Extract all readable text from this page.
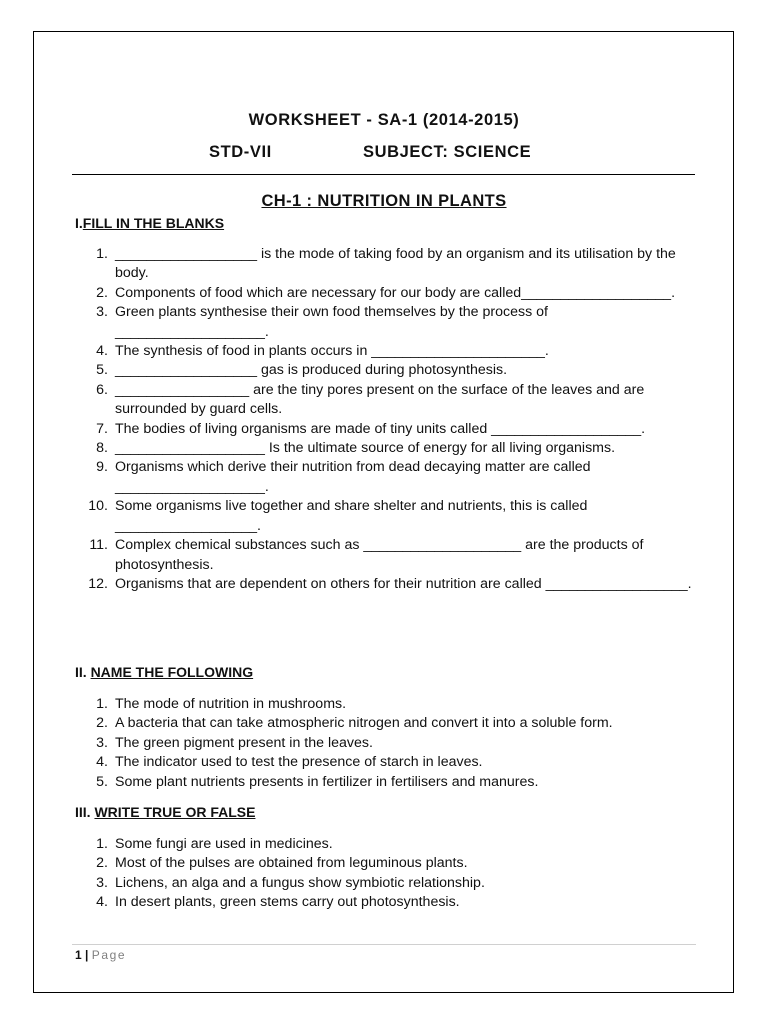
WORKSHEET - SA-1 (2014-2015)
STD-VII	SUBJECT: SCIENCE
CH-1 : NUTRITION IN PLANTS
I.FILL IN THE BLANKS
1. __________________ is the mode of taking food by an organism and its utilisation by the body.
2. Components of food which are necessary for our body are called___________________.
3. Green plants synthesise their own food themselves by the process of ___________________.
4. The synthesis of food in plants occurs in ______________________.
5. __________________ gas is produced during photosynthesis.
6. _________________ are the tiny pores present on the surface of the leaves and are surrounded by guard cells.
7. The bodies of living organisms are made of tiny units called ___________________.
8. ___________________ Is the ultimate source of energy for all living organisms.
9. Organisms which derive their nutrition from dead decaying matter are called ___________________.
10. Some organisms live together and share shelter and nutrients, this is called __________________.
11. Complex chemical substances such as ____________________ are the products of photosynthesis.
12. Organisms that are dependent on others for their nutrition are called __________________.
II. NAME THE FOLLOWING
1. The mode of nutrition in mushrooms.
2. A bacteria that can take atmospheric nitrogen and convert it into a soluble form.
3. The green pigment present in the leaves.
4. The indicator used to test the presence of starch in leaves.
5. Some plant nutrients presents in fertilizer in fertilisers and manures.
III. WRITE TRUE OR FALSE
1. Some fungi are used in medicines.
2. Most of the pulses are obtained from leguminous plants.
3. Lichens, an alga and a fungus show symbiotic relationship.
4. In desert plants, green stems carry out photosynthesis.
1 | Page
